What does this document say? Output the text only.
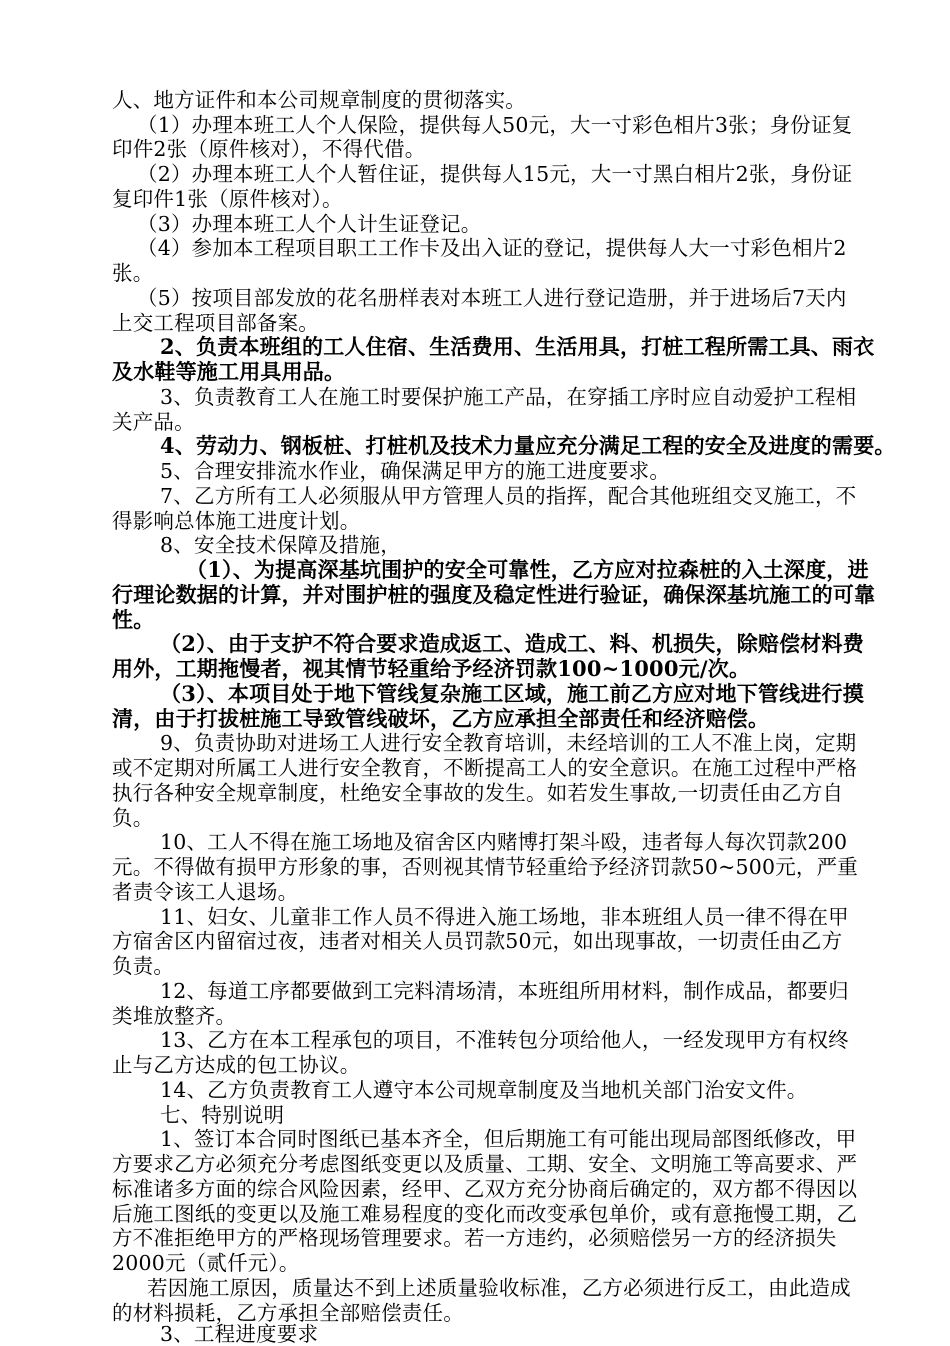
人、地方证件和本公司规章制度的贯彻落实。
（1）办理本班工人个人保险，提供每人50元，大一寸彩色相片3张；身份证复
印件2张（原件核对），不得代借。
（2）办理本班工人个人暂住证，提供每人15元，大一寸黑白相片2张，身份证
复印件1张（原件核对）。
（3）办理本班工人个人计生证登记。
（4）参加本工程项目职工工作卡及出入证的登记，提供每人大一寸彩色相片2
张。
（5）按项目部发放的花名册样表对本班工人进行登记造册，并于进场后7天内
上交工程项目部备案。
2、负责本班组的工人住宿、生活费用、生活用具，打桩工程所需工具、雨衣
及水鞋等施工用具用品。
3、负责教育工人在施工时要保护施工产品，在穿插工序时应自动爱护工程相
关产品。
4、劳动力、钢板桩、打桩机及技术力量应充分满足工程的安全及进度的需要。
5、合理安排流水作业，确保满足甲方的施工进度要求。
7、乙方所有工人必须服从甲方管理人员的指挥，配合其他班组交叉施工，不
得影响总体施工进度计划。
8、安全技术保障及措施，
（1）、为提高深基坑围护的安全可靠性，乙方应对拉森桩的入土深度，进
行理论数据的计算，并对围护桩的强度及稳定性进行验证，确保深基坑施工的可靠
性。
（2）、由于支护不符合要求造成返工、造成工、料、机损失，除赔偿材料费
用外，工期拖慢者，视其情节轻重给予经济罚款100~1000元/次。
（3）、本项目处于地下管线复杂施工区域，施工前乙方应对地下管线进行摸
清，由于打拔桩施工导致管线破坏，乙方应承担全部责任和经济赔偿。
9、负责协助对进场工人进行安全教育培训，未经培训的工人不准上岗，定期
或不定期对所属工人进行安全教育，不断提高工人的安全意识。在施工过程中严格
执行各种安全规章制度，杜绝安全事故的发生。如若发生事故,一切责任由乙方自
负。
10、工人不得在施工场地及宿舍区内赌博打架斗殴，违者每人每次罚款200
元。不得做有损甲方形象的事，否则视其情节轻重给予经济罚款50~500元，严重
者责令该工人退场。
11、妇女、儿童非工作人员不得进入施工场地，非本班组人员一律不得在甲
方宿舍区内留宿过夜，违者对相关人员罚款50元，如出现事故，一切责任由乙方
负责。
12、每道工序都要做到工完料清场清，本班组所用材料，制作成品，都要归
类堆放整齐。
13、乙方在本工程承包的项目，不准转包分项给他人，一经发现甲方有权终
止与乙方达成的包工协议。
14、乙方负责教育工人遵守本公司规章制度及当地机关部门治安文件。
七、特别说明
1、签订本合同时图纸已基本齐全，但后期施工有可能出现局部图纸修改，甲
方要求乙方必须充分考虑图纸变更以及质量、工期、安全、文明施工等高要求、严
标准诸多方面的综合风险因素，经甲、乙双方充分协商后确定的，双方都不得因以
后施工图纸的变更以及施工难易程度的变化而改变承包单价，或有意拖慢工期，乙
方不准拒绝甲方的严格现场管理要求。若一方违约，必须赔偿另一方的经济损失
2000元（贰仟元）。
若因施工原因，质量达不到上述质量验收标准，乙方必须进行反工，由此造成
的材料损耗，乙方承担全部赔偿责任。
3、工程进度要求
